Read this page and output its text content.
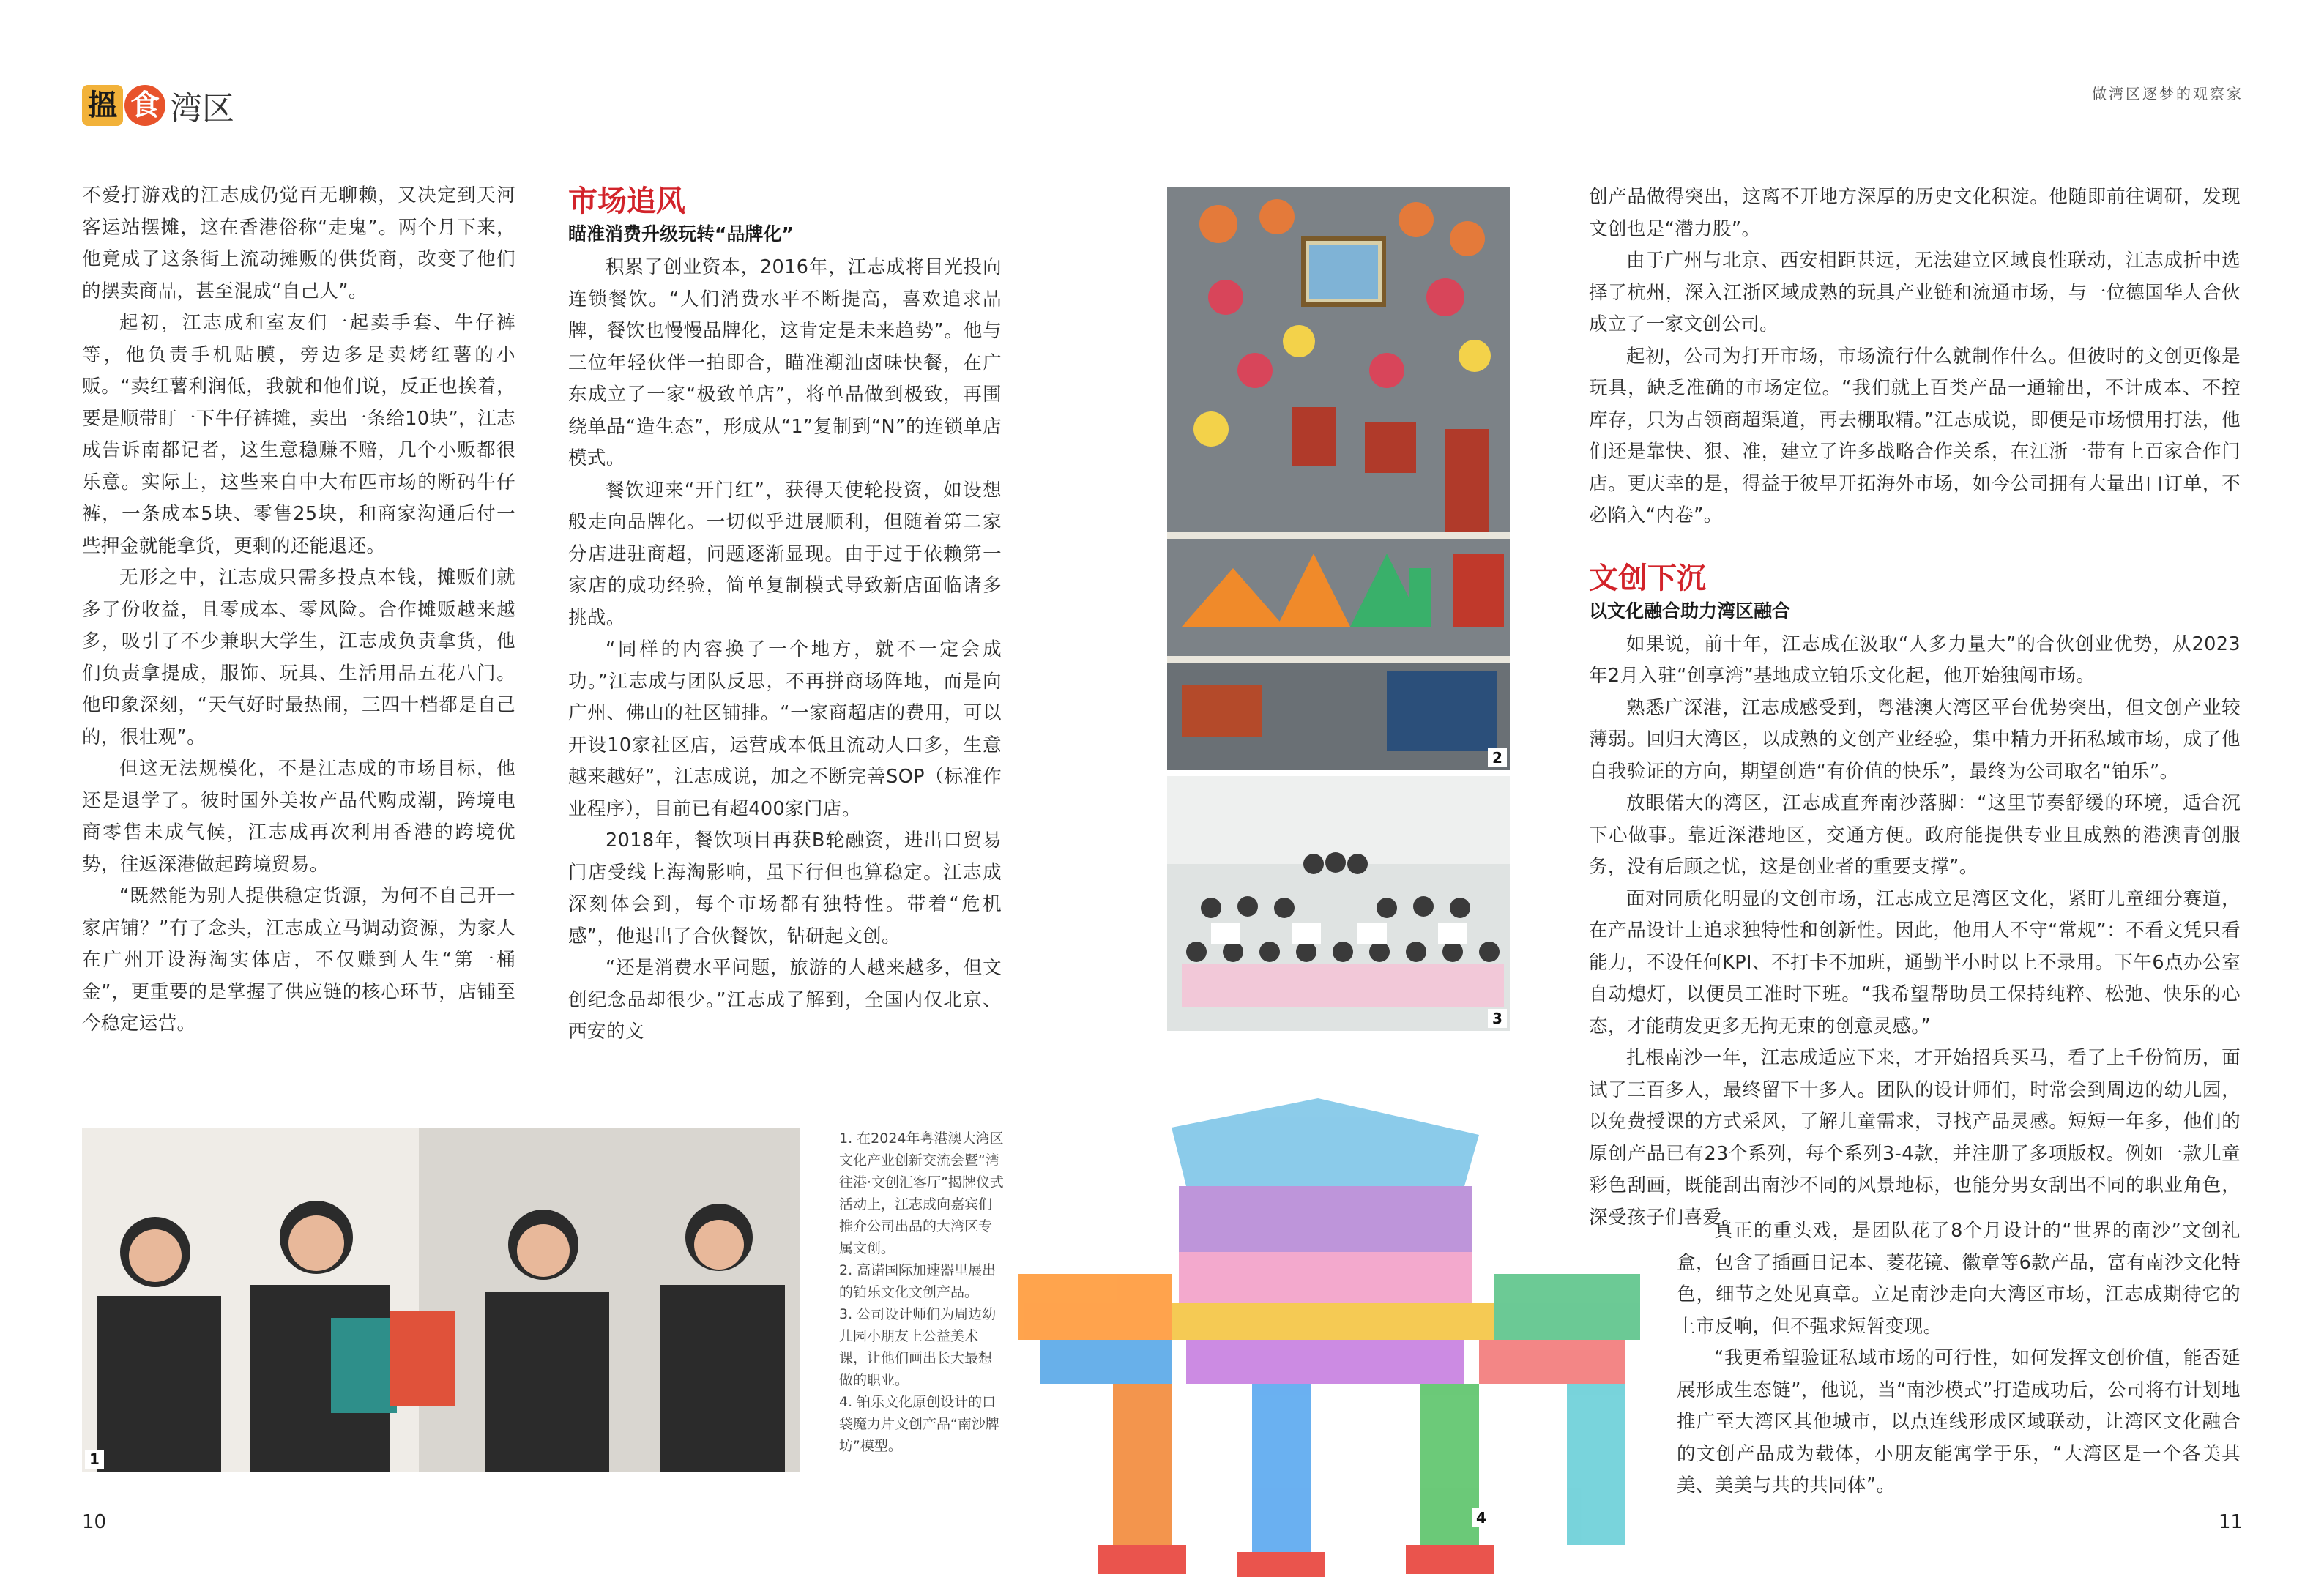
搵 食 湾区	做湾区逐梦的观察家

不爱打游戏的江志成仍觉百无聊赖，又决定到天河客运站摆摊，这在香港俗称“走鬼”。两个月下来，他竟成了这条街上流动摊贩的供货商，改变了他们的摆卖商品，甚至混成“自己人”。

起初，江志成和室友们一起卖手套、牛仔裤等，他负责手机贴膜，旁边多是卖烤红薯的小贩。“卖红薯利润低，我就和他们说，反正也挨着，要是顺带盯一下牛仔裤摊，卖出一条给10块”，江志成告诉南都记者，这生意稳赚不赔，几个小贩都很乐意。实际上，这些来自中大布匹市场的断码牛仔裤，一条成本5块、零售25块，和商家沟通后付一些押金就能拿货，更剩的还能退还。

无形之中，江志成只需多投点本钱，摊贩们就多了份收益，且零成本、零风险。合作摊贩越来越多，吸引了不少兼职大学生，江志成负责拿货，他们负责拿提成，服饰、玩具、生活用品五花八门。他印象深刻，“天气好时最热闹，三四十档都是自己的，很壮观”。

但这无法规模化，不是江志成的市场目标，他还是退学了。彼时国外美妆产品代购成潮，跨境电商零售未成气候，江志成再次利用香港的跨境优势，往返深港做起跨境贸易。

“既然能为别人提供稳定货源，为何不自己开一家店铺？”有了念头，江志成立马调动资源，为家人在广州开设海淘实体店，不仅赚到人生“第一桶金”，更重要的是掌握了供应链的核心环节，店铺至今稳定运营。

市场追风
瞄准消费升级玩转“品牌化”

积累了创业资本，2016年，江志成将目光投向连锁餐饮。“人们消费水平不断提高，喜欢追求品牌，餐饮也慢慢品牌化，这肯定是未来趋势”。他与三位年轻伙伴一拍即合，瞄准潮汕卤味快餐，在广东成立了一家“极致单店”，将单品做到极致，再围绕单品“造生态”，形成从“1”复制到“N”的连锁单店模式。

餐饮迎来“开门红”，获得天使轮投资，如设想般走向品牌化。一切似乎进展顺利，但随着第二家分店进驻商超，问题逐渐显现。由于过于依赖第一家店的成功经验，简单复制模式导致新店面临诸多挑战。

“同样的内容换了一个地方，就不一定会成功。”江志成与团队反思，不再拼商场阵地，而是向广州、佛山的社区铺排。“一家商超店的费用，可以开设10家社区店，运营成本低且流动人口多，生意越来越好”，江志成说，加之不断完善SOP（标准作业程序），目前已有超400家门店。

2018年，餐饮项目再获B轮融资，进出口贸易门店受线上海淘影响，虽下行但也算稳定。江志成深刻体会到，每个市场都有独特性。带着“危机感”，他退出了合伙餐饮，钻研起文创。

“还是消费水平问题，旅游的人越来越多，但文创纪念品却很少。”江志成了解到，全国内仅北京、西安的文

2
3

创产品做得突出，这离不开地方深厚的历史文化积淀。他随即前往调研，发现文创也是“潜力股”。

由于广州与北京、西安相距甚远，无法建立区域良性联动，江志成折中选择了杭州，深入江浙区域成熟的玩具产业链和流通市场，与一位德国华人合伙成立了一家文创公司。

起初，公司为打开市场，市场流行什么就制作什么。但彼时的文创更像是玩具，缺乏准确的市场定位。“我们就上百类产品一通输出，不计成本、不控库存，只为占领商超渠道，再去棚取精。”江志成说，即便是市场惯用打法，他们还是靠快、狠、准，建立了许多战略合作关系，在江浙一带有上百家合作门店。更庆幸的是，得益于彼早开拓海外市场，如今公司拥有大量出口订单，不必陷入“内卷”。

文创下沉
以文化融合助力湾区融合

如果说，前十年，江志成在汲取“人多力量大”的合伙创业优势，从2023年2月入驻“创享湾”基地成立铂乐文化起，他开始独闯市场。

熟悉广深港，江志成感受到，粤港澳大湾区平台优势突出，但文创产业较薄弱。回归大湾区，以成熟的文创产业经验，集中精力开拓私域市场，成了他自我验证的方向，期望创造“有价值的快乐”，最终为公司取名“铂乐”。

放眼偌大的湾区，江志成直奔南沙落脚：“这里节奏舒缓的环境，适合沉下心做事。靠近深港地区，交通方便。政府能提供专业且成熟的港澳青创服务，没有后顾之忧，这是创业者的重要支撑”。

面对同质化明显的文创市场，江志成立足湾区文化，紧盯儿童细分赛道，在产品设计上追求独特性和创新性。因此，他用人不守“常规”：不看文凭只看能力，不设任何KPI、不打卡不加班，通勤半小时以上不录用。下午6点办公室自动熄灯，以便员工准时下班。“我希望帮助员工保持纯粹、松弛、快乐的心态，才能萌发更多无拘无束的创意灵感。”

扎根南沙一年，江志成适应下来，才开始招兵买马，看了上千份简历，面试了三百多人，最终留下十多人。团队的设计师们，时常会到周边的幼儿园，以免费授课的方式采风，了解儿童需求，寻找产品灵感。短短一年多，他们的原创产品已有23个系列，每个系列3-4款，并注册了多项版权。例如一款儿童彩色刮画，既能刮出南沙不同的风景地标，也能分男女刮出不同的职业角色，深受孩子们喜爱。

真正的重头戏，是团队花了8个月设计的“世界的南沙”文创礼盒，包含了插画日记本、菱花镜、徽章等6款产品，富有南沙文化特色，细节之处见真章。立足南沙走向大湾区市场，江志成期待它的上市反响，但不强求短暂变现。

“我更希望验证私域市场的可行性，如何发挥文创价值，能否延展形成生态链”，他说，当“南沙模式”打造成功后，公司将有计划地推广至大湾区其他城市，以点连线形成区域联动，让湾区文化融合的文创产品成为载体，小朋友能寓学于乐，“大湾区是一个各美其美、美美与共的共同体”。

1

1. 在2024年粤港澳大湾区文化产业创新交流会暨“湾往港·文创汇客厅”揭牌仪式活动上，江志成向嘉宾们推介公司出品的大湾区专属文创。

2. 高诺国际加速器里展出的铂乐文化文创产品。

3. 公司设计师们为周边幼儿园小朋友上公益美术课，让他们画出长大最想做的职业。

4. 铂乐文化原创设计的口袋魔力片文创产品“南沙牌坊”模型。

4
10	11
